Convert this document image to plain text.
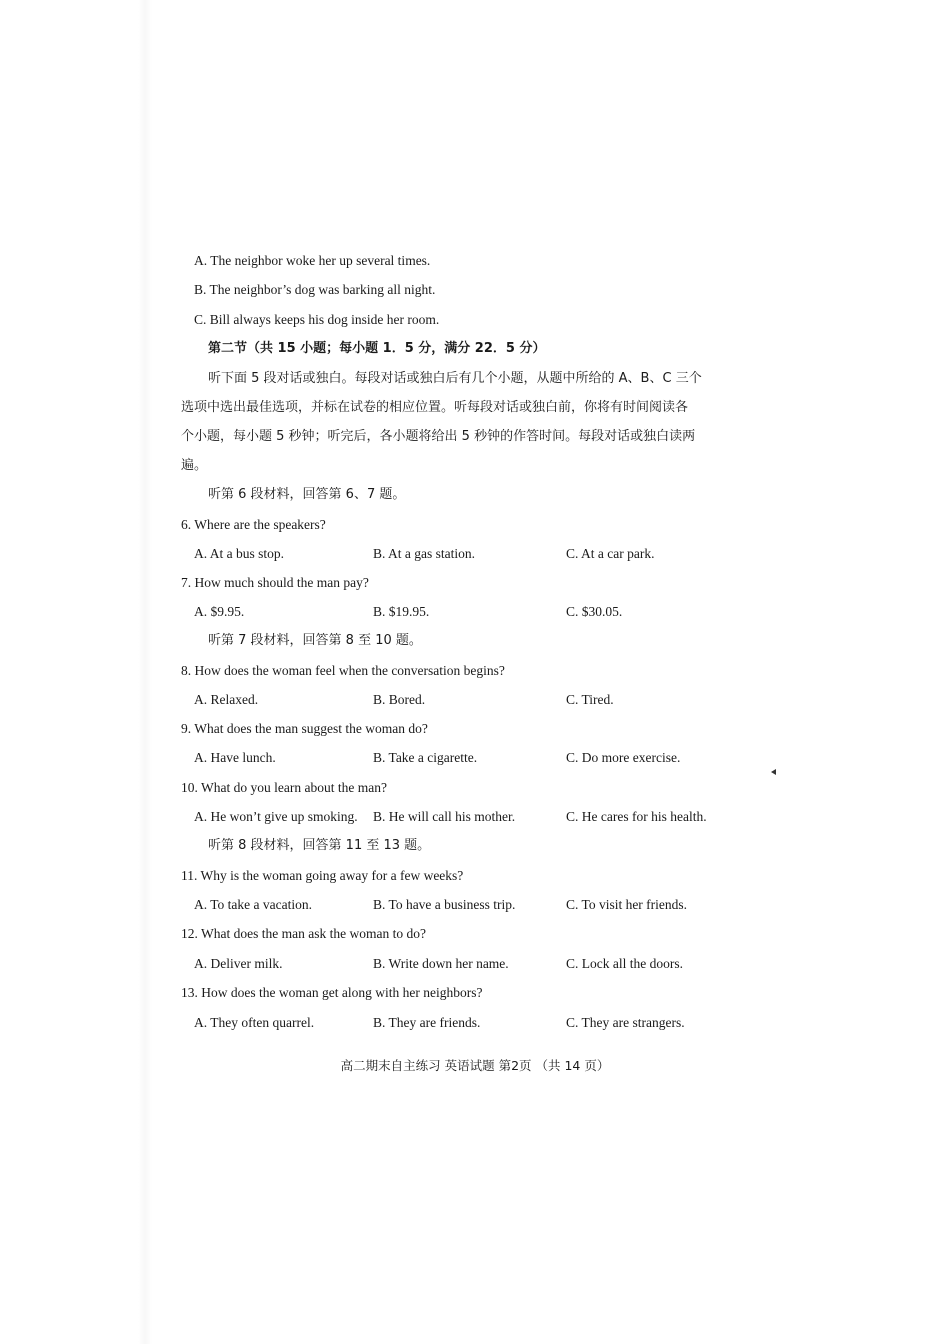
A. The neighbor woke her up several times.
B. The neighbor’s dog was barking all night.
C. Bill always keeps his dog inside her room.
第二节（共 15 小题；每小题 1．5 分，满分 22．5 分）
听下面 5 段对话或独白。每段对话或独白后有几个小题，从题中所给的 A、B、C 三个
选项中选出最佳选项，并标在试卷的相应位置。听每段对话或独白前，你将有时间阅读各
个小题，每小题 5 秒钟；听完后，各小题将给出 5 秒钟的作答时间。每段对话或独白读两
遍。
听第 6 段材料，回答第 6、7 题。
6. Where are the speakers?
A. At a bus stop.	B. At a gas station.	C. At a car park.
7. How much should the man pay?
A. $9.95.	B. $19.95.	C. $30.05.
听第 7 段材料，回答第 8 至 10 题。
8. How does the woman feel when the conversation begins?
A. Relaxed.	B. Bored.	C. Tired.
9. What does the man suggest the woman do?
A. Have lunch.	B. Take a cigarette.	C. Do more exercise.
10. What do you learn about the man?
A. He won’t give up smoking. B. He will call his mother.	C. He cares for his health.
听第 8 段材料，回答第 11 至 13 题。
11. Why is the woman going away for a few weeks?
A. To take a vacation.	B. To have a business trip.	C. To visit her friends.
12. What does the man ask the woman to do?
A. Deliver milk.	B. Write down her name.	C. Lock all the doors.
13. How does the woman get along with her neighbors?
A. They often quarrel.	B. They are friends.	C. They are strangers.
高二期末自主练习 英语试题 第2页 （共 14 页）
